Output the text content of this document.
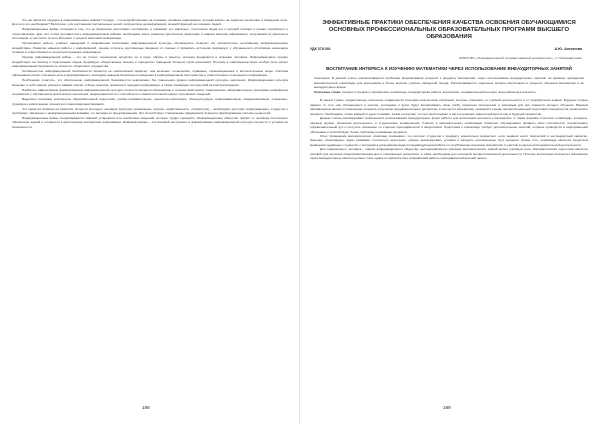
Что же является сердцем в информационных войнах? Сердце – это воздействующие на сознание человека информации, которая влияет на характер мышления и поведение игры. Для чего это необходимо? Бесспорно, для достижения поставленных целей, посредством дезинформации, воздействующей на сознание людей.

Информационные войны отличаются тем, что не физически уничтожают противника, а поражают его морально, постепенно сводя его к нулевой позиции и лишая способности к сопротивлению. Для того чтобы противостоять информационным войнам, необходимо иметь развитое критическое мышление и навыки анализа информации, получаемой из различных источников, в том числе из сети Интернет и средств массовой информации.

Организация работы учебных заведений в направлении воспитания информационной культуры обучающихся позволит им противостоять негативному информационному воздействию. Развитие навыков работы с информацией, умение отличать достоверные сведения от ложных и проверять источники формирует у обучающихся устойчивую жизненную позицию и ответственность за распространение информации.

Оружие информационной войны – это не только технические средства, но и идеи, образы и смыслы, которые внедряются в сознание человека. Информационное оружие воздействует на психику и подсознание людей, формирует общественное мнение и определяет поведение больших групп населения. Поэтому в современном мире особую роль играет информационная безопасность личности, общества и государства.

Особенностью информационной безопасности является её комплексный характер: она включает технические, правовые, организационные и воспитательные меры. Система образования играет ключевую роль в формировании у молодёжи навыков безопасного поведения в информационном пространстве и ответственного отношения к информации.

Необходимо отметить, что обеспечение информационной безопасности невозможно без повышения уровня информационной культуры населения. Информационная культура включает в себя знания, умения и навыки поиска, отбора, анализа, хранения и передачи информации, а также понимание последствий её распространения.

Наиболее эффективным формированием информационной культуры личности является образование в течение всей жизни. Современные образовательные программы направлены на развитие у обучающихся критического мышления, медиаграмотности и способности к самостоятельной оценке получаемых сведений.

Выделяют основные компоненты образовательной подготовки: учебно-познавательную, ценностно-смысловую, общекультурную, информационную, коммуникативную, социально-трудовую и компетенцию личностного самосовершенствования.

Что касается влияния на развитие личности молодого человека (культура организации, мораль, нравственность, патриотизм) – необходимо доступно информировать студентов о проблемах, связанных с информационными войнами, и о методах их предотвращения. Это способствует становлению гражданской позиции и формированию системы ценностей.

Информационные войны сопровождаются лавиной устаревших или ошибочных сведений, которые трудно проверить. Информационное общество требует от человека постоянного обновления знаний и готовности к критическому восприятию информации. Информатизация – это базовый инструмент в формировании информационной культуры личности и условие её безопасности.

198
ЭФФЕКТИВНЫЕ ПРАКТИКИ ОБЕСПЕЧЕНИЯ КАЧЕСТВА ОСВОЕНИЯ ОБУЧАЮЩИМИСЯ ОСНОВНЫХ ПРОФЕССИОНАЛЬНЫХ ОБРАЗОВАТЕЛЬНЫХ ПРОГРАММ ВЫСШЕГО ОБРАЗОВАНИЯ
УДК 378.091	А.Ю. Аксенова
ФГБОУ ВО «Нижневартовский государственный университет», г. Нижневартовск
ВОСПИТАНИЕ ИНТЕРЕСА К ИЗУЧЕНИЮ МАТЕМАТИКИ ЧЕРЕЗ ИСПОЛЬЗОВАНИЕ ВНЕАУДИТОРНЫХ ЗАНЯТИЙ

Аннотация. В данной статье рассматриваются проблемы формирования интереса к предмету математика, через использование внеаудиторных занятий, на примере проведения математической олимпиады для школьников и более высших учебных заведений города. Рассматриваются отдельные аспекты воспитания в процессе обучения математике и во внеаудиторное время.

Ключевые слова: интерес к предмету, математика, олимпиады, внеаудиторная работа, воспитание, познавательный интерес, внеучебная деятельность.

В нашей стране, подрастающее поколение подвергается большим количеством соблазнов, которые отвлекают от учебной деятельности и от приобретения знаний. Будущее страны зависит от того, как обучающиеся в школах, колледжах и вузах будут воспринимать свою учёбу, насколько интересным и значимым для них окажется процесс обучения. Важным направлением является повышение интереса к изучению фундаментальных дисциплин, в частности математики, лежащей в основе профессиональной подготовки специалистов технического профиля. Необходимо, чтобы каждый студент понимал, зачем он изучает тот или иной предмет и как полученные знания пригодятся ему в будущей профессии.

Данная статья рассматривает возможности использования внеаудиторных форм работы для воспитания интереса к математике. К таким формам относятся олимпиады, конкурсы, научные кружки, проектная деятельность и студенческие конференции. Участие в математических олимпиадах позволяет обучающимся проявить свои способности, почувствовать соревновательный дух и получить признание со стороны преподавателей и сверстников. Подготовка к олимпиаде требует дополнительных занятий, которые проводятся в неформальной обстановке и способствуют более глубокому пониманию предмета.

Опыт проведения математических олимпиад показывает, что интерес студентов к предмету значительно возрастает, если задания носят творческий и нестандартный характер. Решение олимпиадных задач развивает логическое мышление, умение анализировать условия и находить оригинальные пути решения. Кроме того, олимпиада является средством выявления одарённых студентов, с которыми в дальнейшем ведётся индивидуальная работа по углублённому изучению математики и участию в научно-исследовательской деятельности.

Для современного человека – знание информационного общества, целенаправленное усвоение математических знаний играет огромную роль. Математическая подготовка является основой для изучения общепрофессиональных и специальных дисциплин, а также необходима для успешной профессиональной деятельности. Поэтому воспитание интереса к математике через внеаудиторные занятия должно стать одним из приоритетных направлений работы преподавателей высшей школы.

199
